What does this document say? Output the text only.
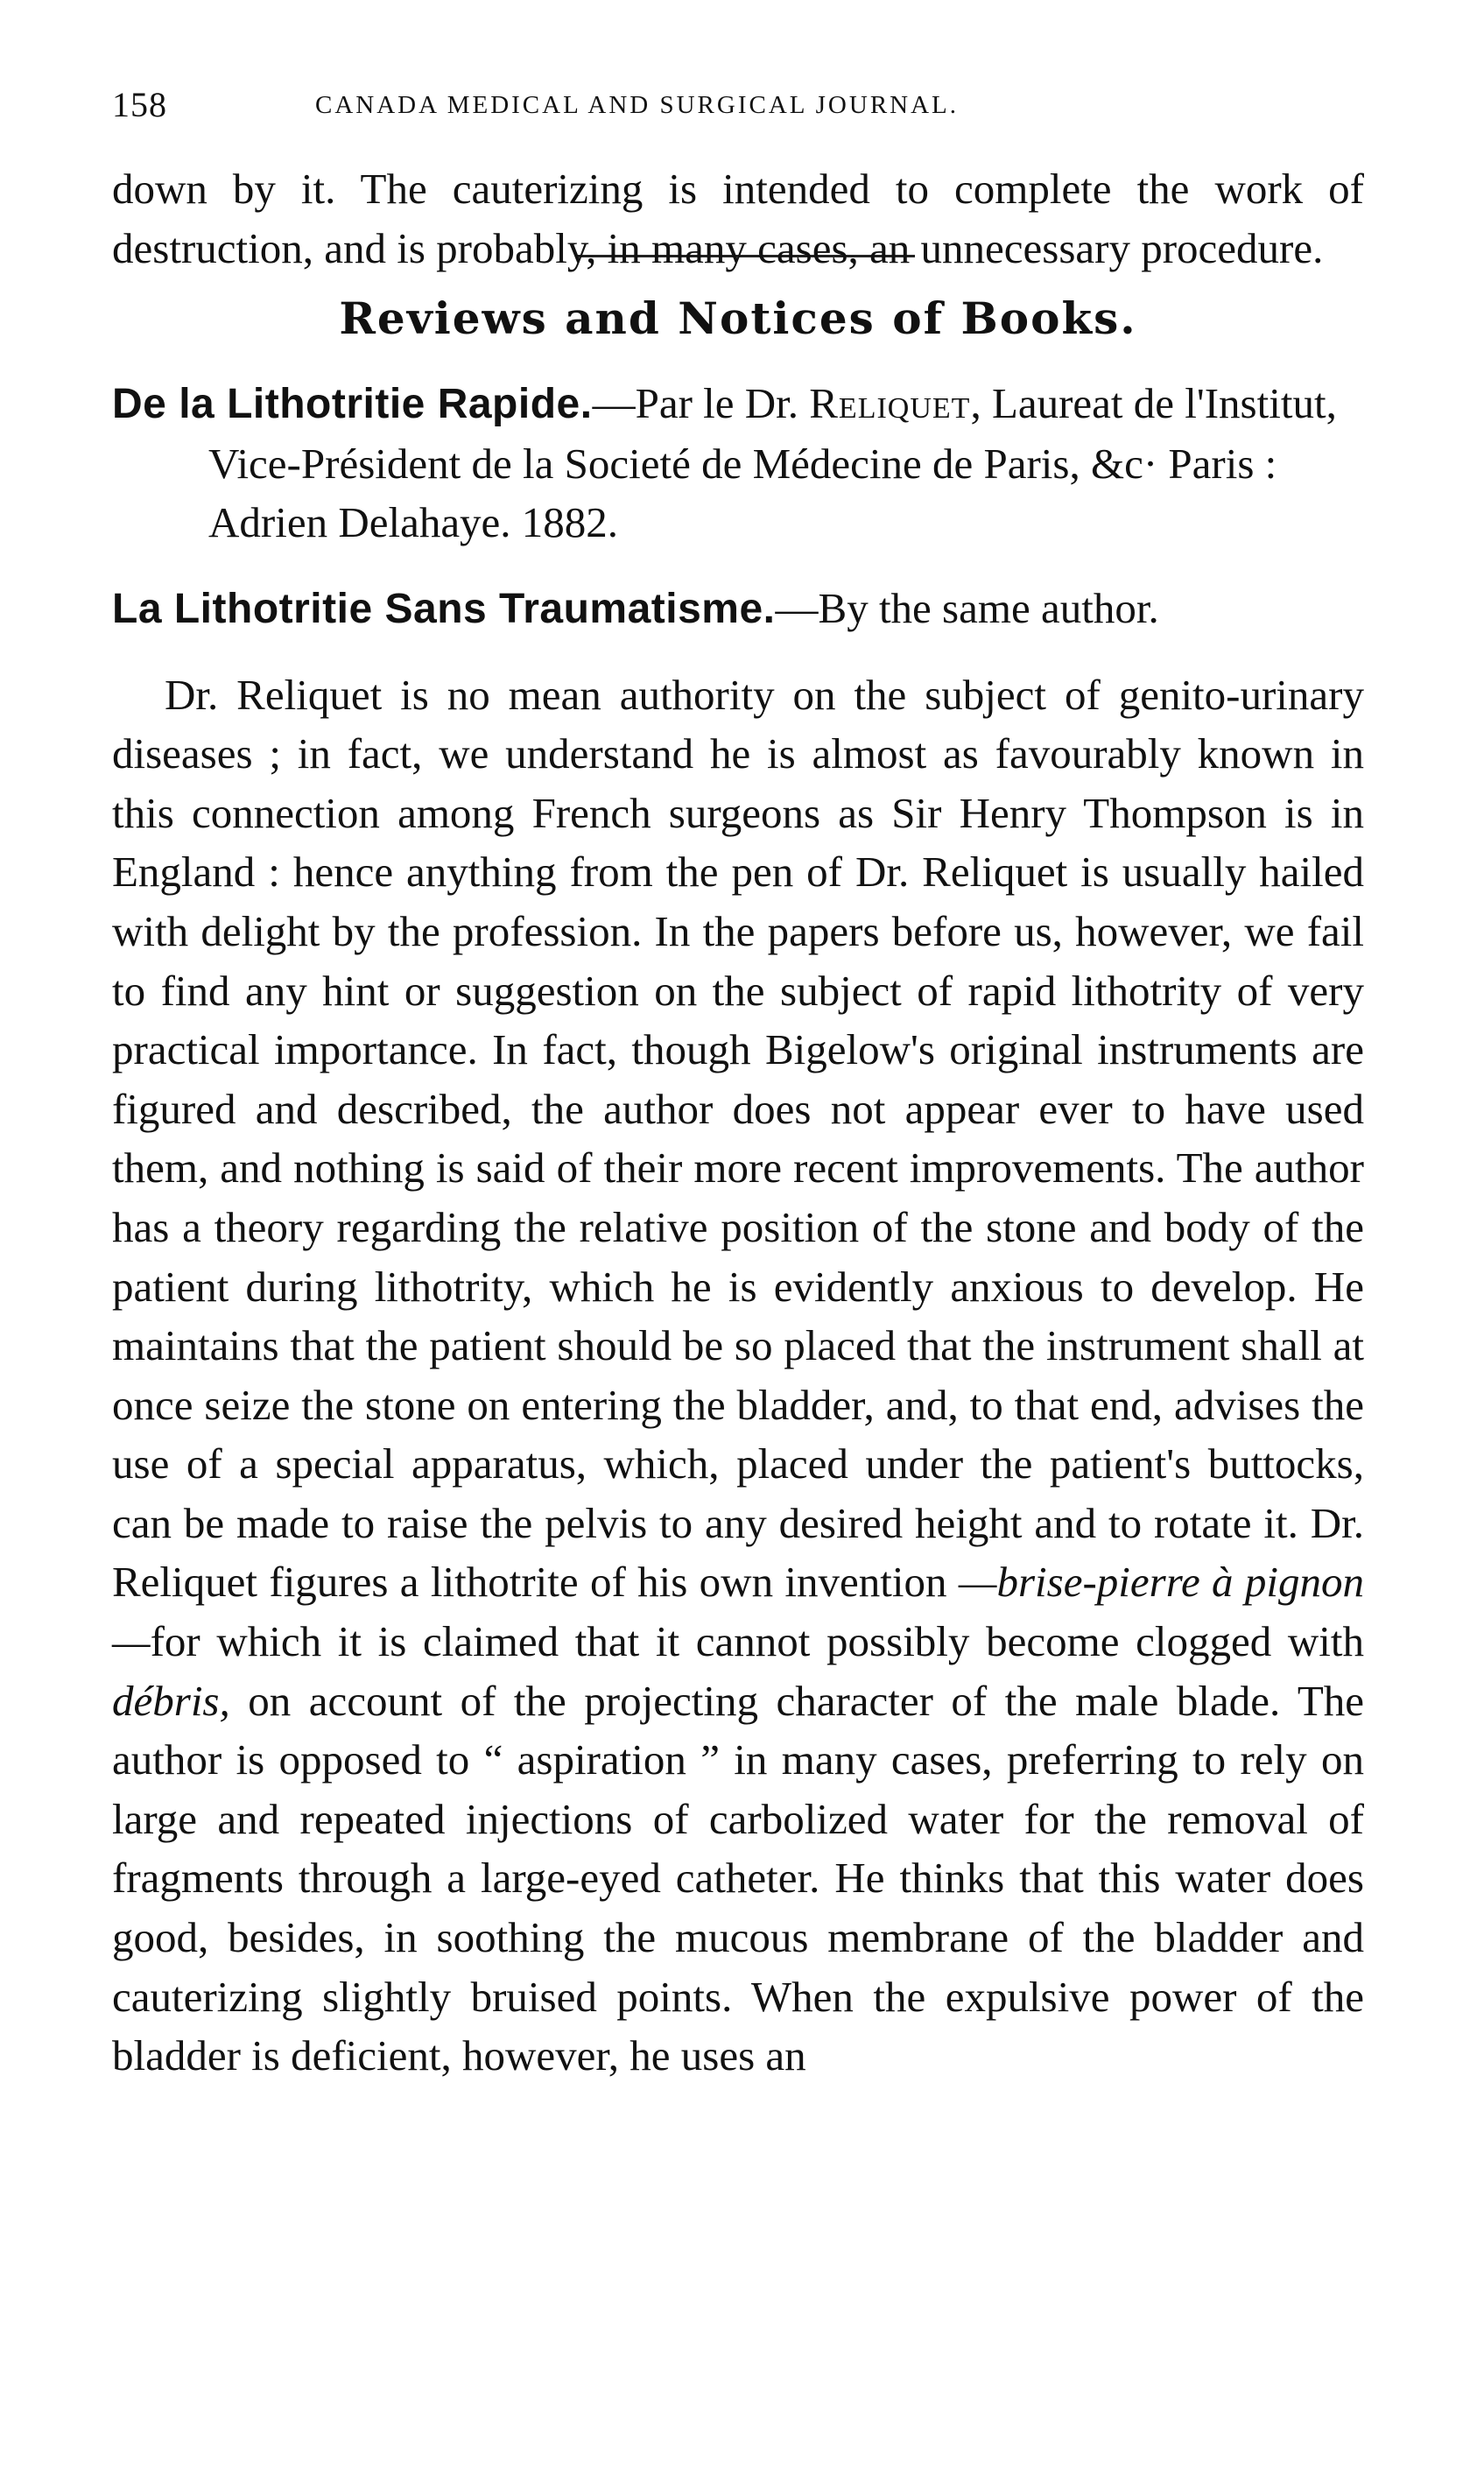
158	CANADA MEDICAL AND SURGICAL JOURNAL.

down by it. The cauterizing is intended to complete the work of destruction, and is probably, in many cases, an unnecessary procedure.

Reviews and Notices of Books.
De la Lithotritie Rapide.—Par le Dr. Reliquet, Laureat de l'Institut, Vice-Président de la Societé de Médecine de Paris, &c· Paris : Adrien Delahaye. 1882.
La Lithotritie Sans Traumatisme.—By the same author.

Dr. Reliquet is no mean authority on the subject of genito-urinary diseases ; in fact, we understand he is almost as favourably known in this connection among French surgeons as Sir Henry Thompson is in England : hence anything from the pen of Dr. Reliquet is usually hailed with delight by the profession. In the papers before us, however, we fail to find any hint or suggestion on the subject of rapid lithotrity of very practical importance. In fact, though Bigelow's original instruments are figured and described, the author does not appear ever to have used them, and nothing is said of their more recent improvements. The author has a theory regarding the relative position of the stone and body of the patient during lithotrity, which he is evidently anxious to develop. He maintains that the patient should be so placed that the instrument shall at once seize the stone on entering the bladder, and, to that end, advises the use of a special apparatus, which, placed under the patient's buttocks, can be made to raise the pelvis to any desired height and to rotate it. Dr. Reliquet figures a lithotrite of his own invention —brise-pierre à pignon—for which it is claimed that it cannot possibly become clogged with débris, on account of the projecting character of the male blade. The author is opposed to “ aspiration ” in many cases, preferring to rely on large and repeated injections of carbolized water for the removal of fragments through a large-eyed catheter. He thinks that this water does good, besides, in soothing the mucous membrane of the bladder and cauterizing slightly bruised points. When the expulsive power of the bladder is deficient, however, he uses an
